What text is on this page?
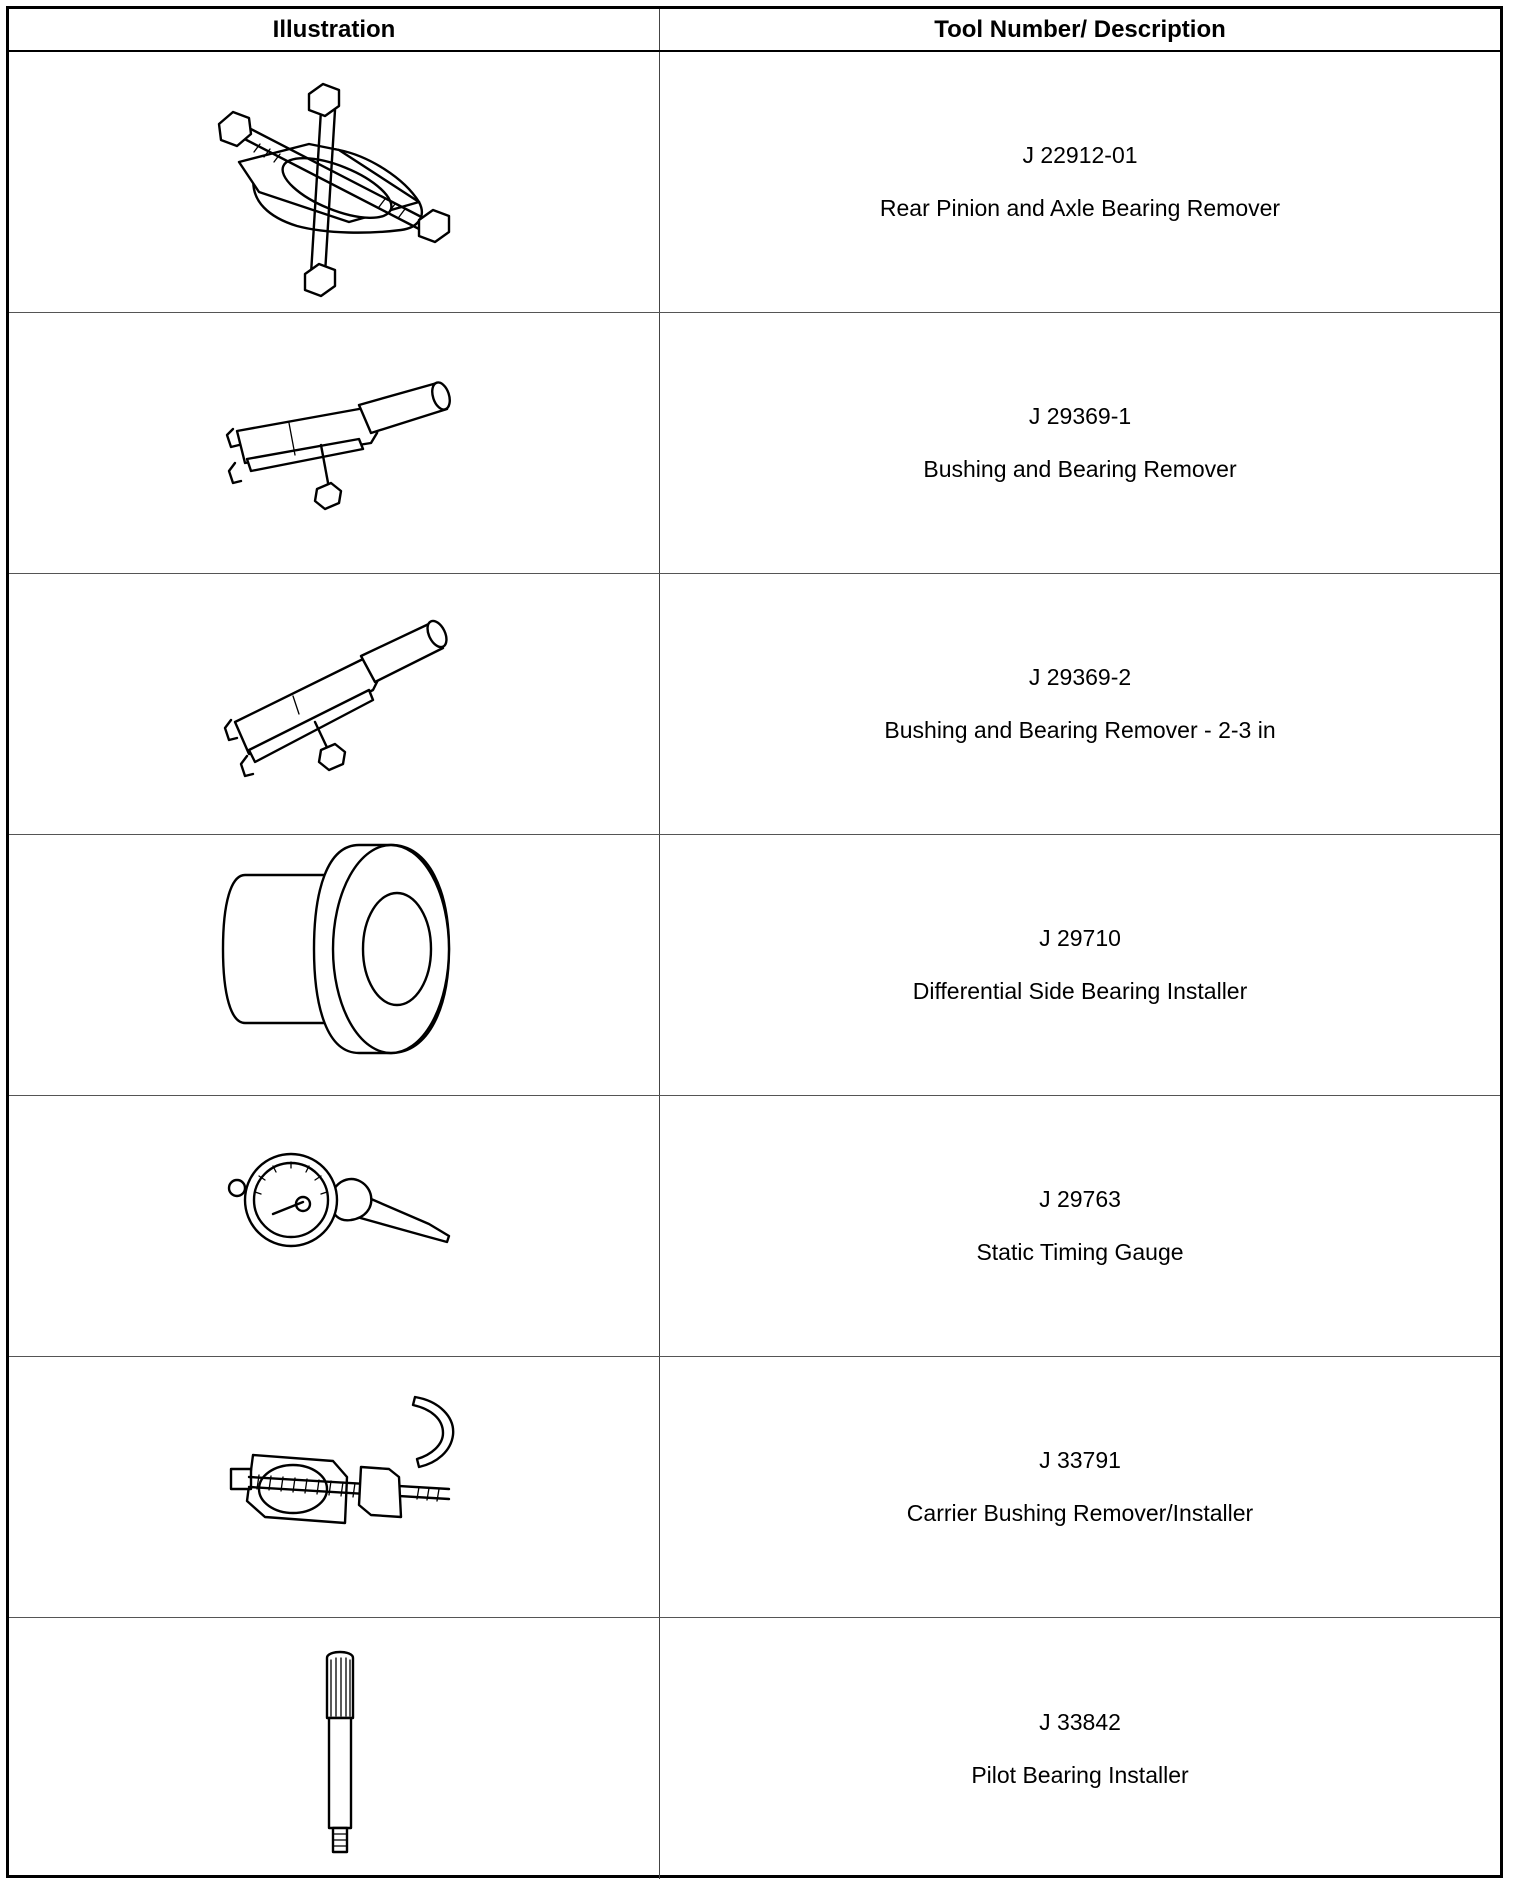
Illustration	Tool Number/ Description
J 22912-01
Rear Pinion and Axle Bearing Remover
J 29369-1
Bushing and Bearing Remover
J 29369-2
Bushing and Bearing Remover - 2-3 in
J 29710
Differential Side Bearing Installer
J 29763
Static Timing Gauge
J 33791
Carrier Bushing Remover/Installer
J 33842
Pilot Bearing Installer
